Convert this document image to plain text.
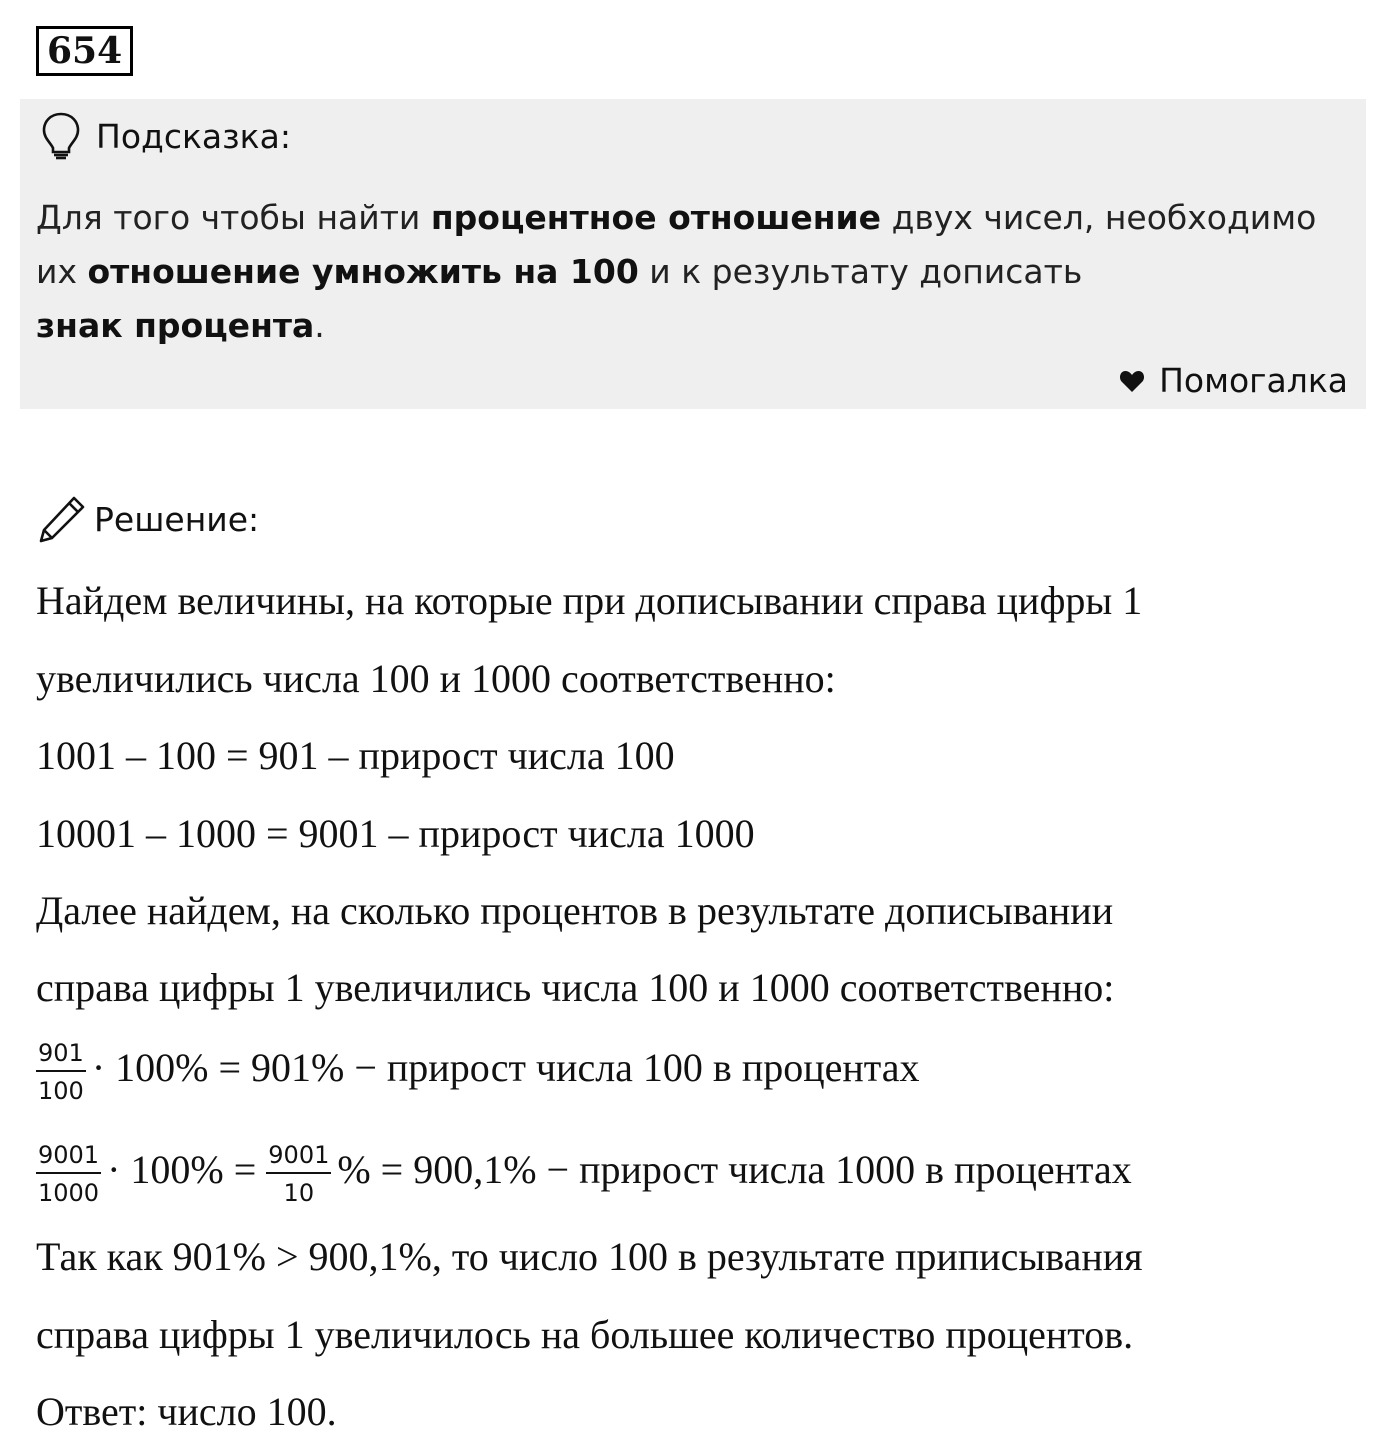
654
Подсказка:
Для того чтобы найти процентное отношение двух чисел, необходимо их отношение умножить на 100 и к результату дописать
знак процента.
Помогалка
Решение:
Найдем величины, на которые при дописывании справа цифры 1
увеличились числа 100 и 1000 соответственно:
1001 – 100 = 901 – прирост числа 100
10001 – 1000 = 9001 – прирост числа 1000
Далее найдем, на сколько процентов в результате дописывании
справа цифры 1 увеличились числа 100 и 1000 соответственно:
$\frac{901}{100} \cdot 100\% = 901\%$ − прирост числа 100 в процентах
$\frac{9001}{1000} \cdot 100\% = \frac{9001}{10}$ % = 900,1% − прирост числа 1000 в процентах
Так как 901% > 900,1%, то число 100 в результате приписывания
справа цифры 1 увеличилось на большее количество процентов.
Ответ: число 100.
